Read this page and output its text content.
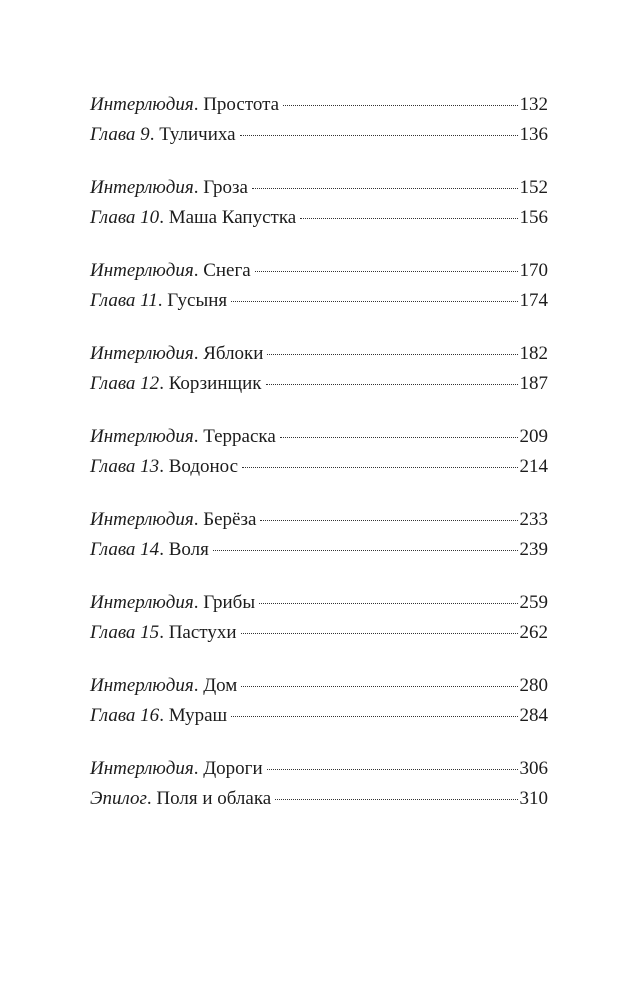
Интерлюдия. Простота	132
Глава 9. Туличиха	136
Интерлюдия. Гроза	152
Глава 10. Маша Капустка	156
Интерлюдия. Снега	170
Глава 11. Гусыня	174
Интерлюдия. Яблоки	182
Глава 12. Корзинщик	187
Интерлюдия. Терраска	209
Глава 13. Водонос	214
Интерлюдия. Берёза	233
Глава 14. Воля	239
Интерлюдия. Грибы	259
Глава 15. Пастухи	262
Интерлюдия. Дом	280
Глава 16. Мураш	284
Интерлюдия. Дороги	306
Эпилог. Поля и облака	310
